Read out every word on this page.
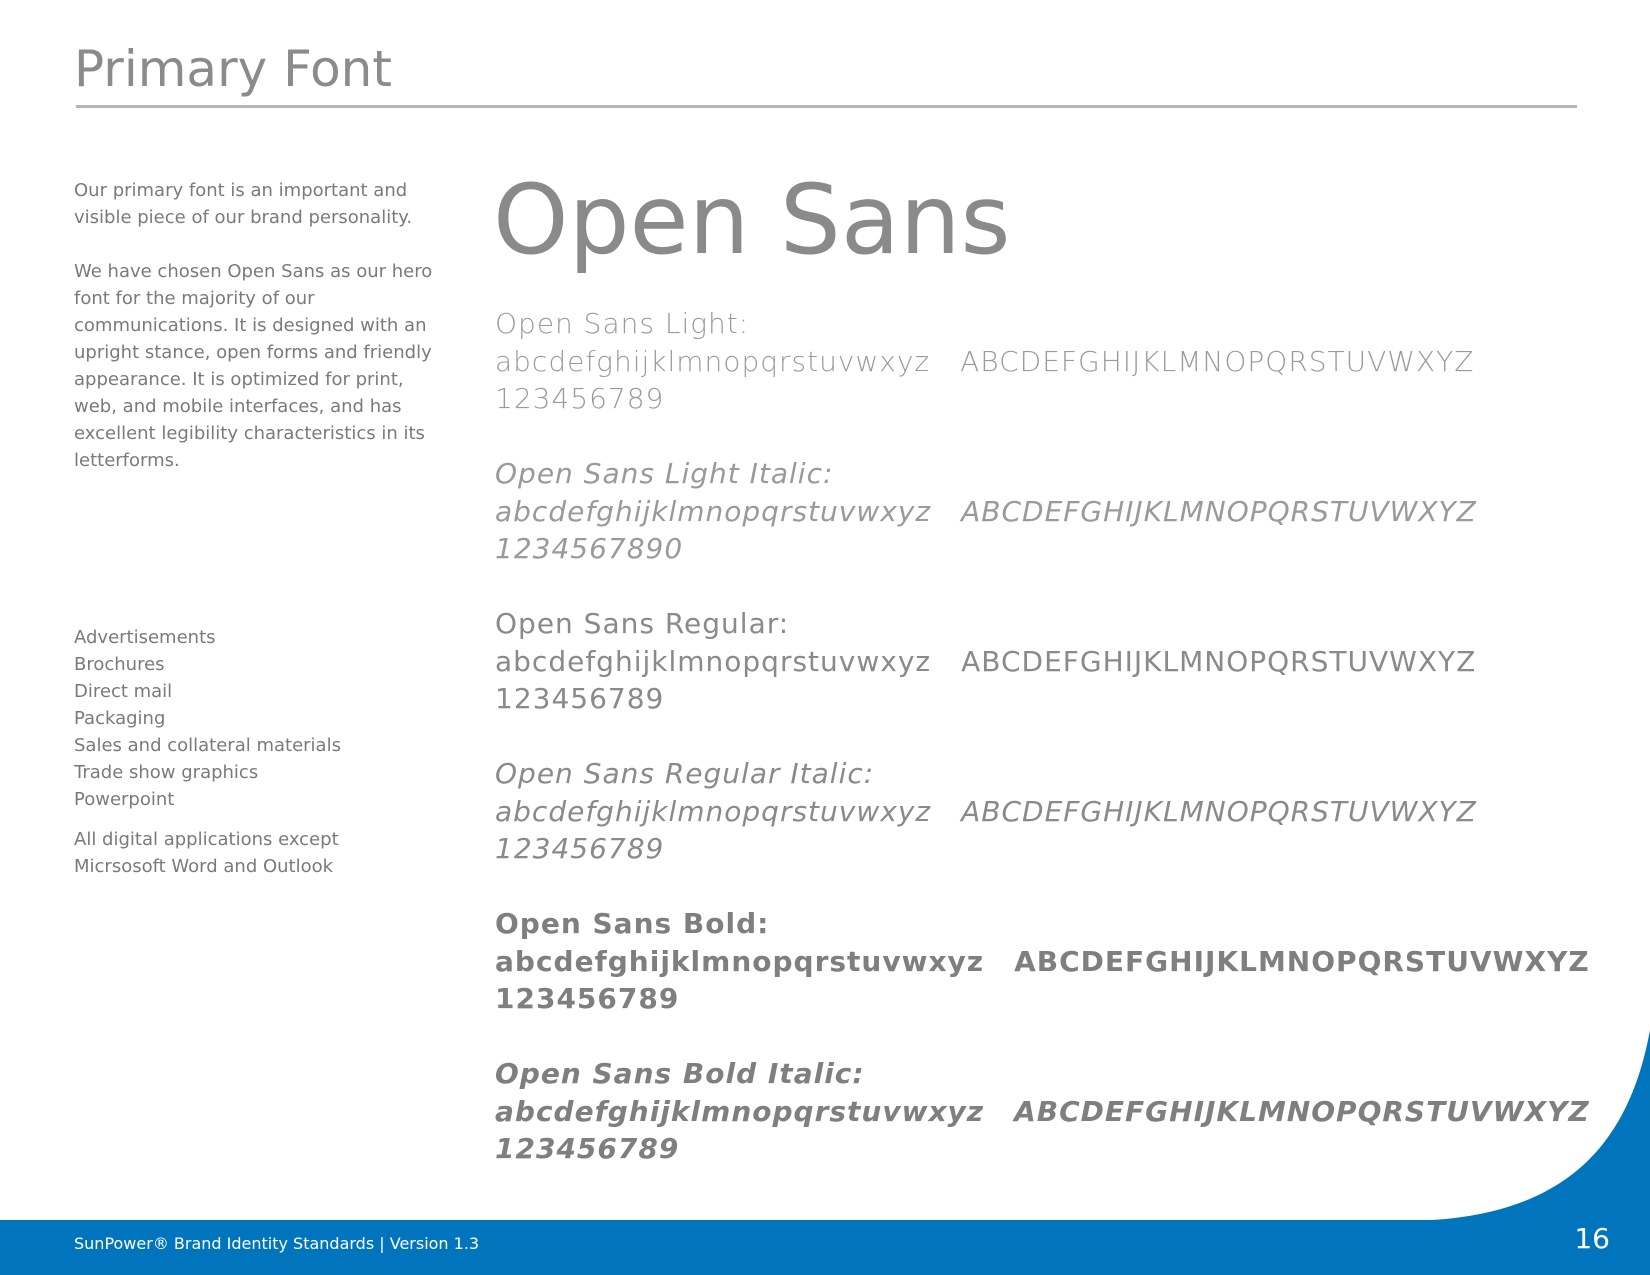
Primary Font

Our primary font is an important and visible piece of our brand personality.

We have chosen Open Sans as our hero font for the majority of our communications. It is designed with an upright stance, open forms and friendly appearance. It is optimized for print, web, and mobile interfaces, and has excellent legibility characteristics in its letterforms.

Advertisements
Brochures
Direct mail
Packaging
Sales and collateral materials
Trade show graphics
Powerpoint
All digital applications except Micrsosoft Word and Outlook
Open Sans
Open Sans Light:
abcdefghijklmnopqrstuvwxyz ABCDEFGHIJKLMNOPQRSTUVWXYZ
123456789
Open Sans Light Italic:
abcdefghijklmnopqrstuvwxyz ABCDEFGHIJKLMNOPQRSTUVWXYZ
1234567890
Open Sans Regular:
abcdefghijklmnopqrstuvwxyz ABCDEFGHIJKLMNOPQRSTUVWXYZ
123456789
Open Sans Regular Italic:
abcdefghijklmnopqrstuvwxyz ABCDEFGHIJKLMNOPQRSTUVWXYZ
123456789
Open Sans Bold:
abcdefghijklmnopqrstuvwxyz ABCDEFGHIJKLMNOPQRSTUVWXYZ
123456789
Open Sans Bold Italic:
abcdefghijklmnopqrstuvwxyz ABCDEFGHIJKLMNOPQRSTUVWXYZ
123456789

SunPower® Brand Identity Standards | Version 1.3	16
